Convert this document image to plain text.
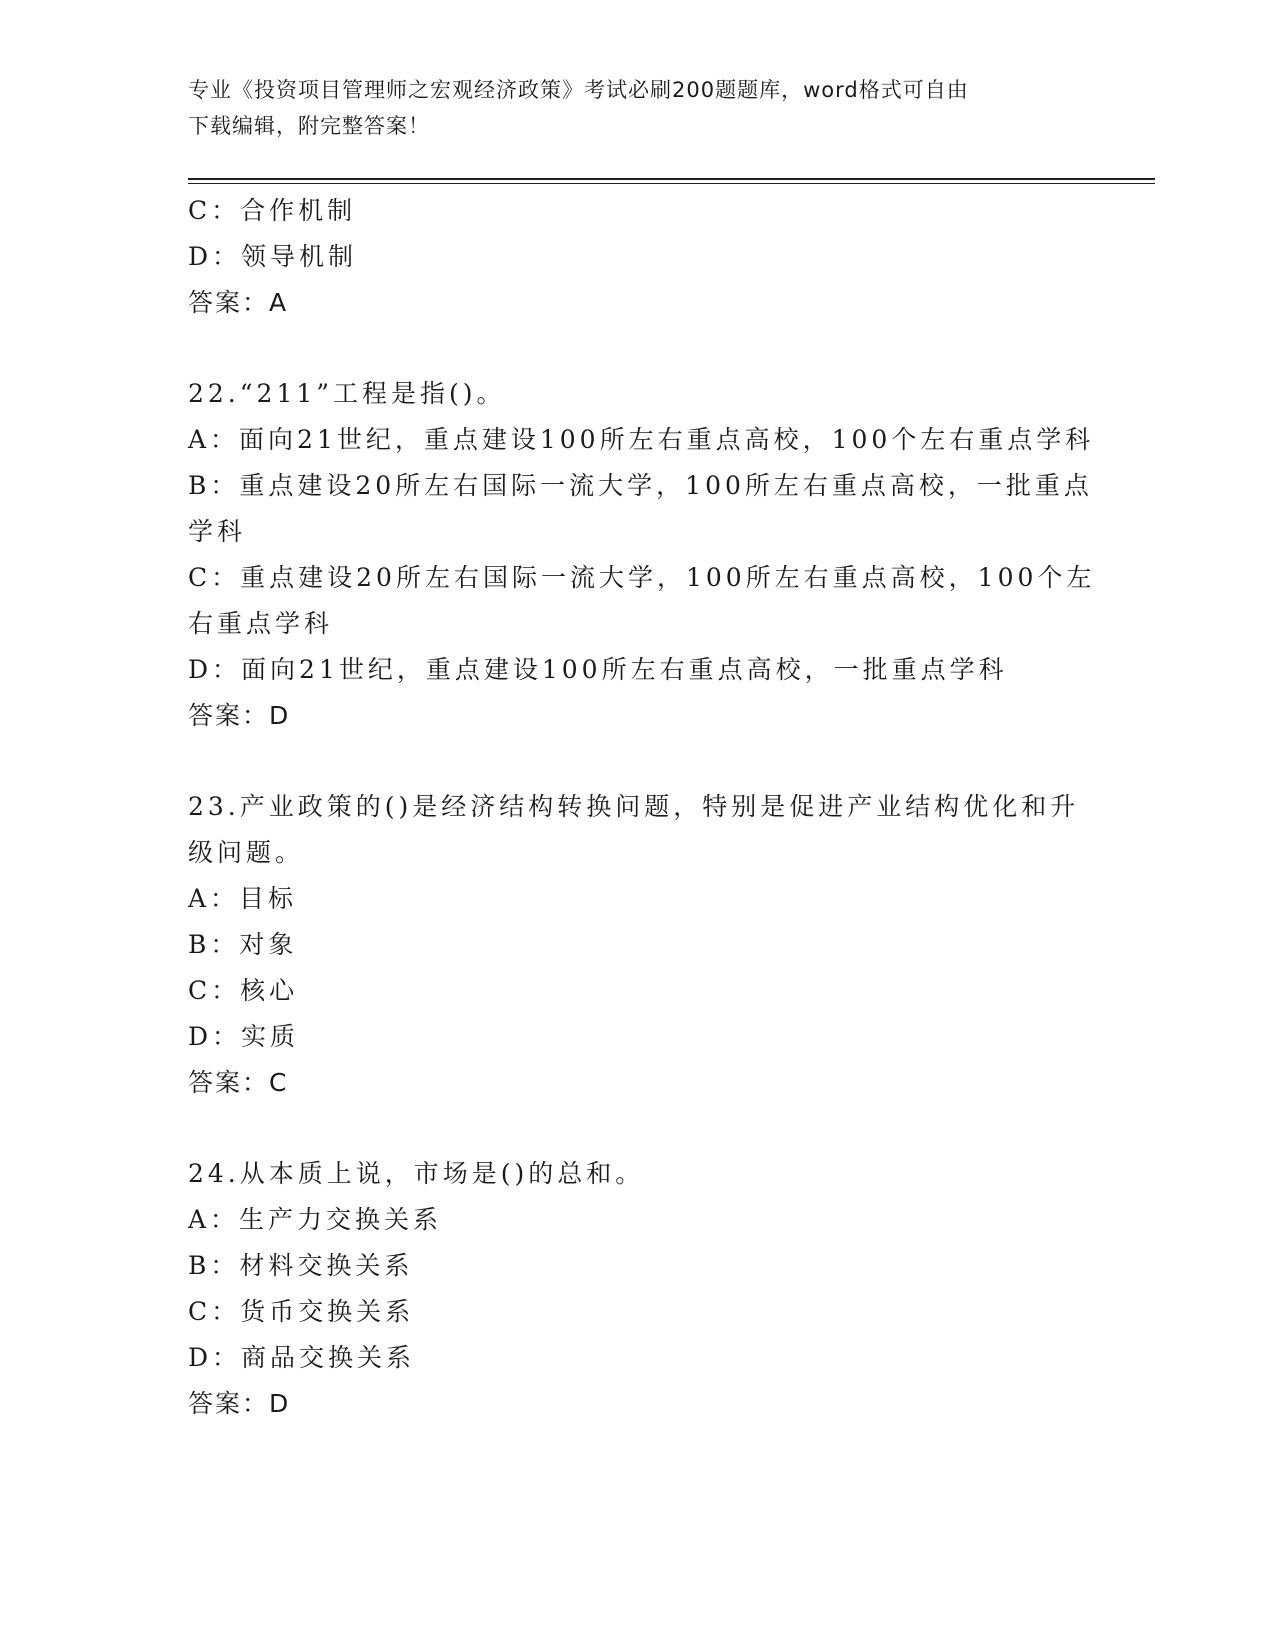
专业《投资项目管理师之宏观经济政策》考试必刷200题题库，word格式可自由
下载编辑，附完整答案！
C：合作机制
D：领导机制
答案：A
22.“211”工程是指()。
A：面向21世纪，重点建设100所左右重点高校，100个左右重点学科
B：重点建设20所左右国际一流大学，100所左右重点高校，一批重点
学科
C：重点建设20所左右国际一流大学，100所左右重点高校，100个左
右重点学科
D：面向21世纪，重点建设100所左右重点高校，一批重点学科
答案：D
23.产业政策的()是经济结构转换问题，特别是促进产业结构优化和升
级问题。
A：目标
B：对象
C：核心
D：实质
答案：C
24.从本质上说，市场是()的总和。
A：生产力交换关系
B：材料交换关系
C：货币交换关系
D：商品交换关系
答案：D
